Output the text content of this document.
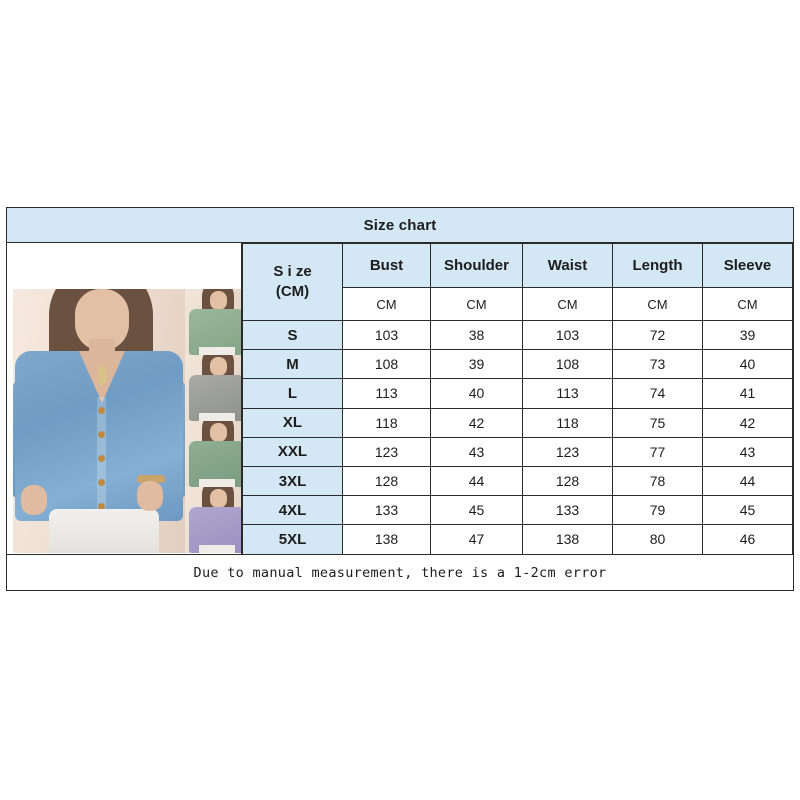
Size chart
S i ze
(CM)	Bust	Shoulder	Waist	Length	Sleeve
	CM	CM	CM	CM	CM
S	103	38	103	72	39
M	108	39	108	73	40
L	113	40	113	74	41
XL	118	42	118	75	42
XXL	123	43	123	77	43
3XL	128	44	128	78	44
4XL	133	45	133	79	45
5XL	138	47	138	80	46
Due to manual measurement, there is a 1-2cm error
